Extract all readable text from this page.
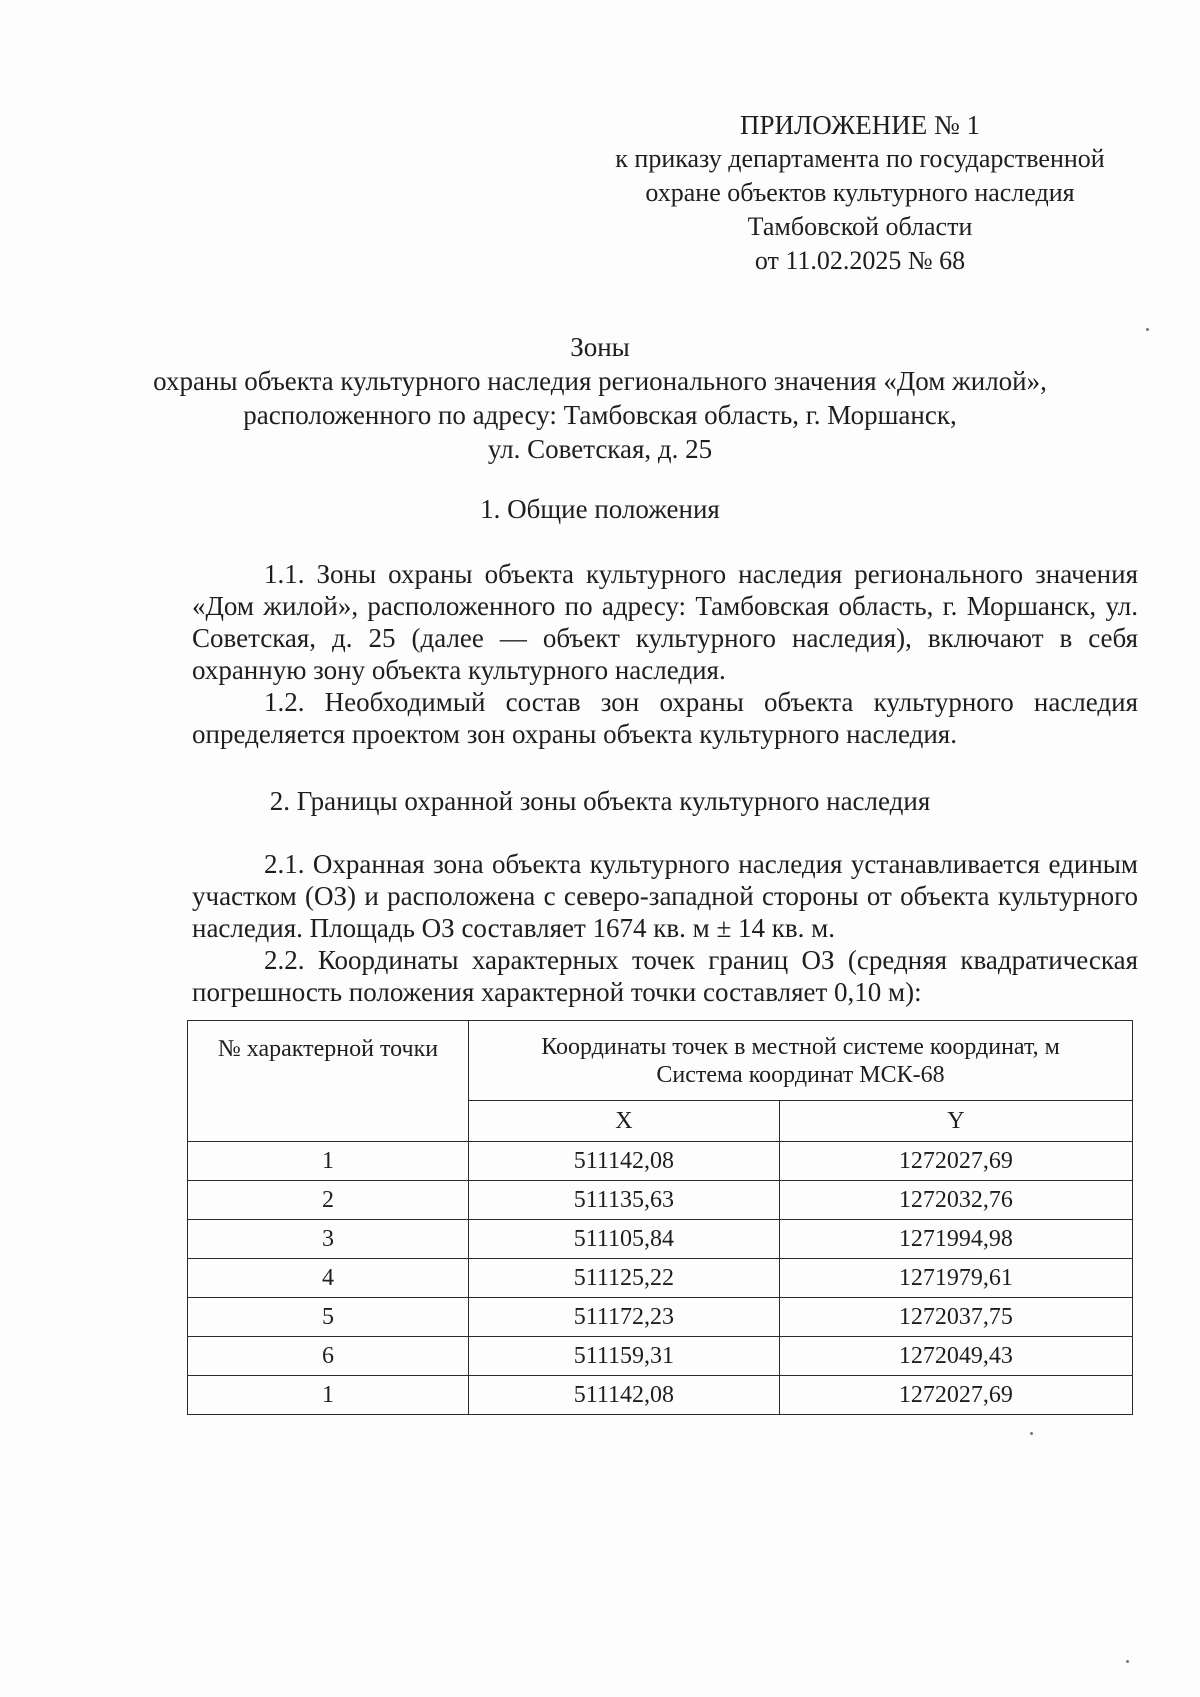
ПРИЛОЖЕНИЕ № 1
к приказу департамента по государственной
охране объектов культурного наследия
Тамбовской области
от 11.02.2025 № 68
Зоны
охраны объекта культурного наследия регионального значения «Дом жилой»,
расположенного по адресу: Тамбовская область, г. Моршанск,
ул. Советская, д. 25
1. Общие положения

1.1. Зоны охраны объекта культурного наследия регионального значения «Дом жилой», расположенного по адресу: Тамбовская область, г. Моршанск, ул. Советская, д. 25 (далее — объект культурного наследия), включают в себя охранную зону объекта культурного наследия.

1.2. Необходимый состав зон охраны объекта культурного наследия определяется проектом зон охраны объекта культурного наследия.

2. Границы охранной зоны объекта культурного наследия

2.1. Охранная зона объекта культурного наследия устанавливается единым участком (ОЗ) и расположена с северо-западной стороны от объекта культурного наследия. Площадь ОЗ составляет 1674 кв. м ± 14 кв. м.

2.2. Координаты характерных точек границ ОЗ (средняя квадратическая погрешность положения характерной точки составляет 0,10 м):

№ характерной точки	Координаты точек в местной системе координат, м
Система координат МСК-68	

	X	Y
1	511142,08	1272027,69
2	511135,63	1272032,76
3	511105,84	1271994,98
4	511125,22	1271979,61
5	511172,23	1272037,75
6	511159,31	1272049,43
1	511142,08	1272027,69
